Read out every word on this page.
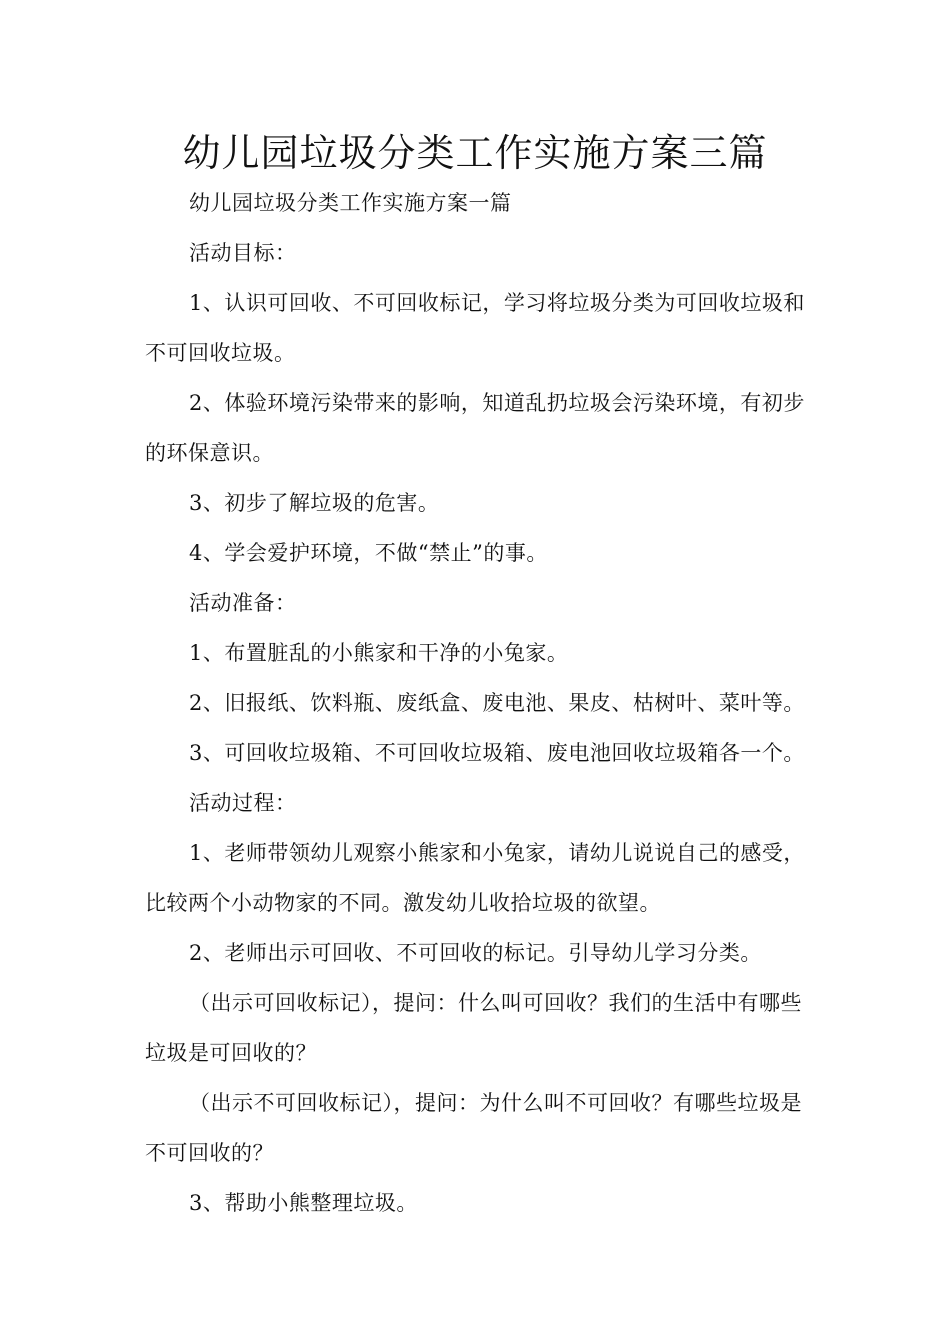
幼儿园垃圾分类工作实施方案三篇

幼儿园垃圾分类工作实施方案一篇

活动目标：

1、认识可回收、不可回收标记，学习将垃圾分类为可回收垃圾和不可回收垃圾。

2、体验环境污染带来的影响，知道乱扔垃圾会污染环境，有初步的环保意识。

3、初步了解垃圾的危害。

4、学会爱护环境，不做“禁止”的事。

活动准备：

1、布置脏乱的小熊家和干净的小兔家。

2、旧报纸、饮料瓶、废纸盒、废电池、果皮、枯树叶、菜叶等。

3、可回收垃圾箱、不可回收垃圾箱、废电池回收垃圾箱各一个。

活动过程：

1、老师带领幼儿观察小熊家和小兔家，请幼儿说说自己的感受，比较两个小动物家的不同。激发幼儿收拾垃圾的欲望。

2、老师出示可回收、不可回收的标记。引导幼儿学习分类。

（出示可回收标记），提问：什么叫可回收？我们的生活中有哪些垃圾是可回收的？

（出示不可回收标记），提问：为什么叫不可回收？有哪些垃圾是不可回收的？

3、帮助小熊整理垃圾。
